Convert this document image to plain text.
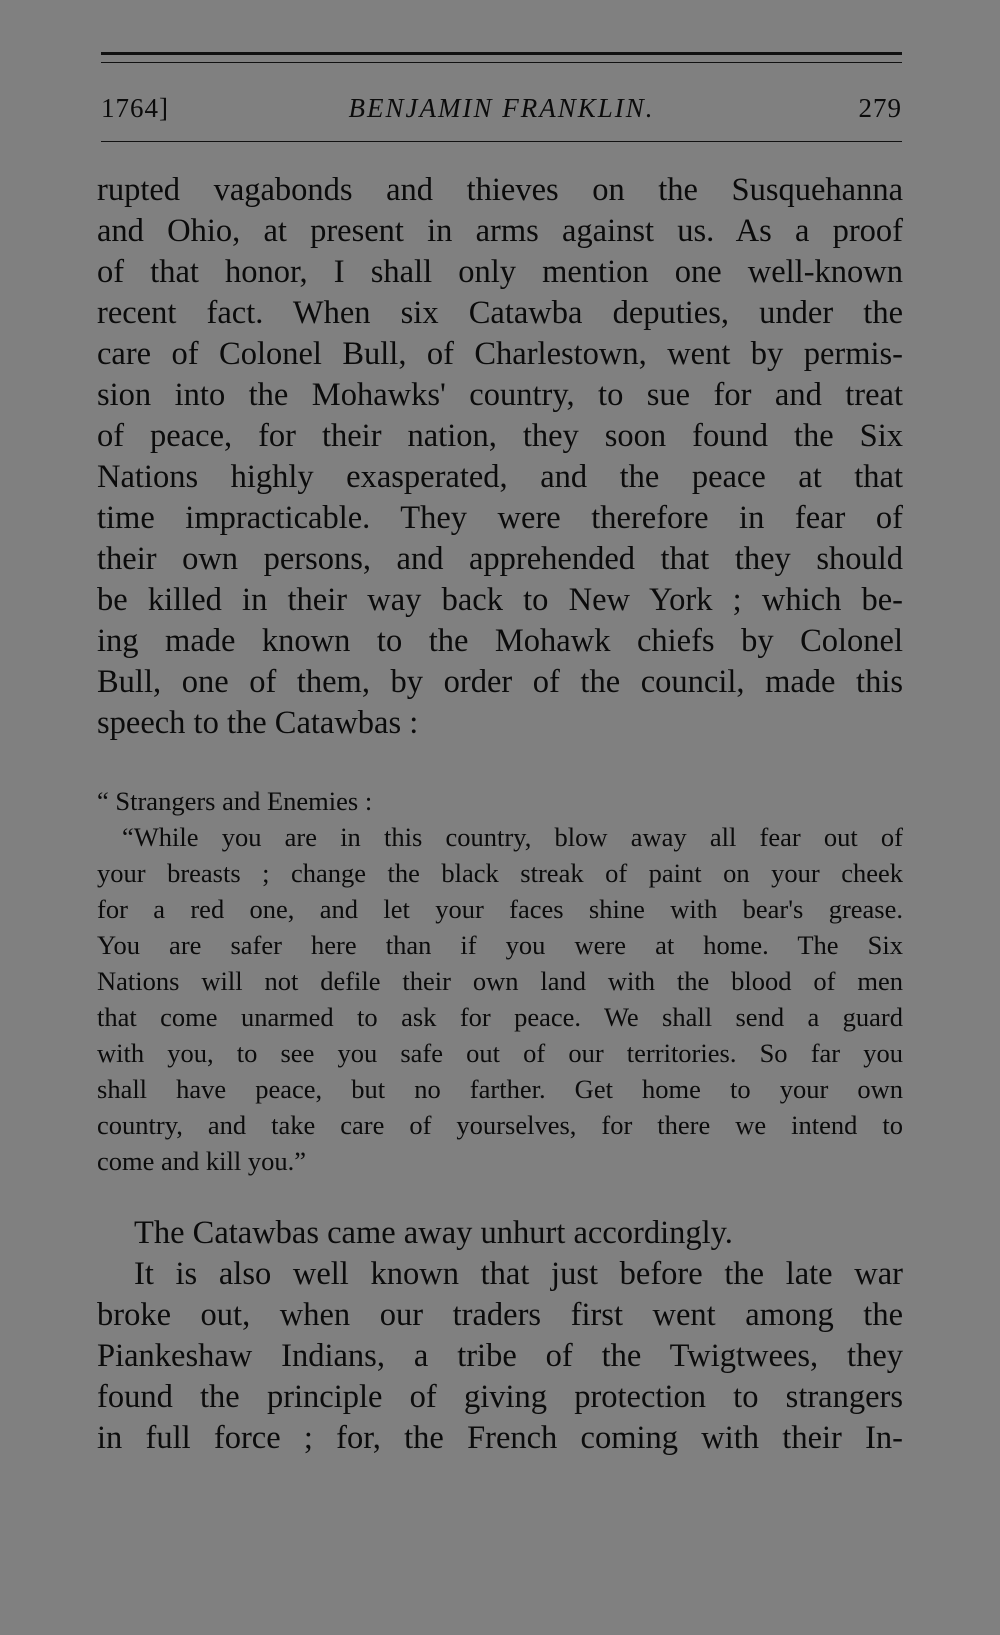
1764]	BENJAMIN FRANKLIN.	279
rupted vagabonds and thieves on the Susquehanna
and Ohio, at present in arms against us. As a proof
of that honor, I shall only mention one well-known
recent fact. When six Catawba deputies, under the
care of Colonel Bull, of Charlestown, went by permis-
sion into the Mohawks' country, to sue for and treat
of peace, for their nation, they soon found the Six
Nations highly exasperated, and the peace at that
time impracticable. They were therefore in fear of
their own persons, and apprehended that they should
be killed in their way back to New York ; which be-
ing made known to the Mohawk chiefs by Colonel
Bull, one of them, by order of the council, made this
speech to the Catawbas :
“ Strangers and Enemies :
“While you are in this country, blow away all fear out of
your breasts ; change the black streak of paint on your cheek
for a red one, and let your faces shine with bear's grease.
You are safer here than if you were at home. The Six
Nations will not defile their own land with the blood of men
that come unarmed to ask for peace. We shall send a guard
with you, to see you safe out of our territories. So far you
shall have peace, but no farther. Get home to your own
country, and take care of yourselves, for there we intend to
come and kill you.”
The Catawbas came away unhurt accordingly.
It is also well known that just before the late war
broke out, when our traders first went among the
Piankeshaw Indians, a tribe of the Twigtwees, they
found the principle of giving protection to strangers
in full force ; for, the French coming with their In-
